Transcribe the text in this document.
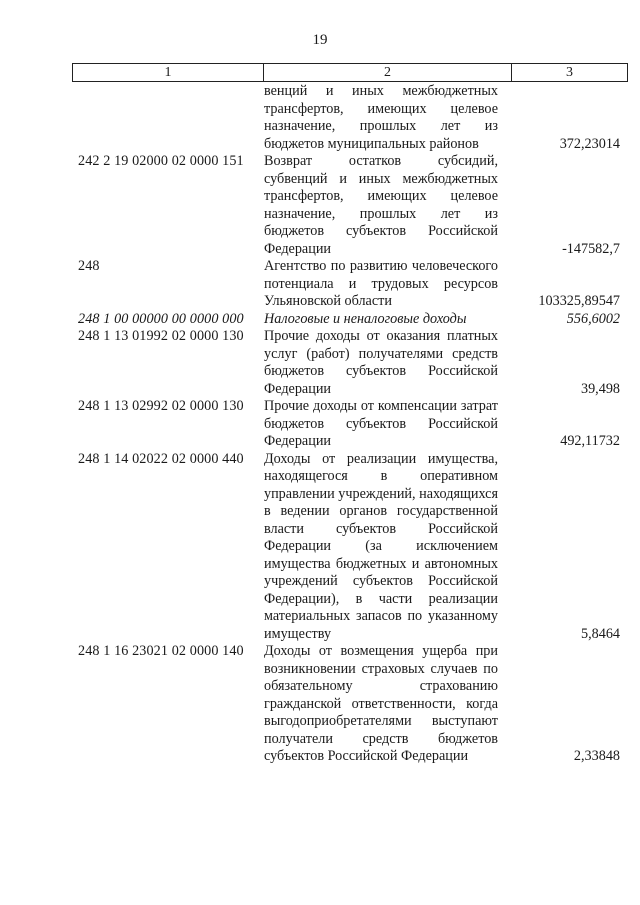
19
1	2	3
венций и иных межбюджетных трансфертов, имеющих целевое назначение, прошлых лет из бюджетов муниципальных районов	372,23014
242 2 19 02000 02 0000 151	Возврат остатков субсидий, субвенций и иных межбюджетных трансфертов, имеющих целевое назначение, прошлых лет из бюджетов субъектов Российской Федерации	-147582,7
248	Агентство по развитию человеческого потенциала и трудовых ресурсов Ульяновской области	103325,89547
248 1 00 00000 00 0000 000	Налоговые и неналоговые доходы	556,6002
248 1 13 01992 02 0000 130	Прочие доходы от оказания платных услуг (работ) получателями средств бюджетов субъектов Российской Федерации	39,498
248 1 13 02992 02 0000 130	Прочие доходы от компенсации затрат бюджетов субъектов Российской Федерации	492,11732
248 1 14 02022 02 0000 440	Доходы от реализации имущества, находящегося в оперативном управлении учреждений, находящихся в ведении органов государственной власти субъектов Российской Федерации (за исключением имущества бюджетных и автономных учреждений субъектов Российской Федерации), в части реализации материальных запасов по указанному имуществу	5,8464
248 1 16 23021 02 0000 140	Доходы от возмещения ущерба при возникновении страховых случаев по обязательному страхованию гражданской ответственности, когда выгодоприобретателями выступают получатели средств бюджетов субъектов Российской Федерации	2,33848
